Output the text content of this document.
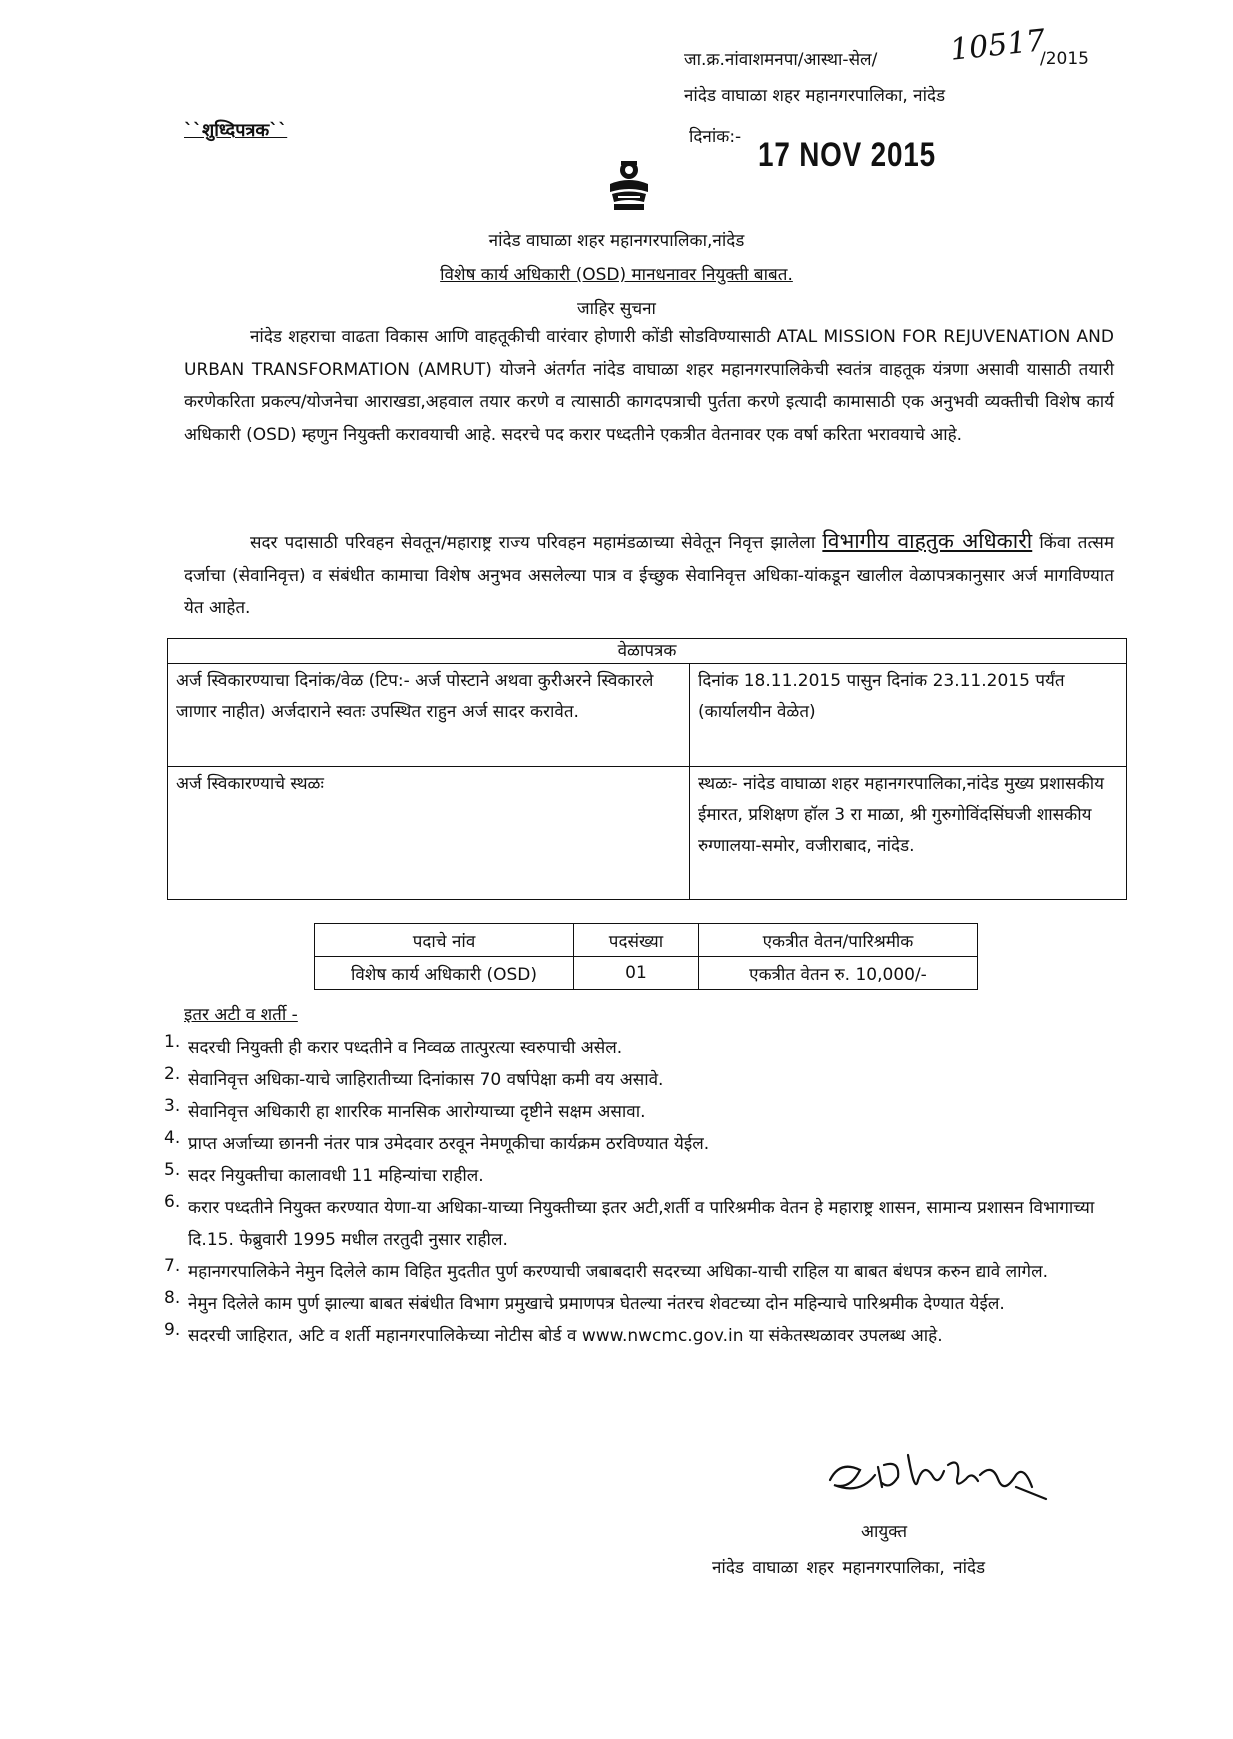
जा.क्र.नांवाशमनपा/आस्था-सेल/ 10517
/2015
नांदेड वाघाळा शहर महानगरपालिका, नांदेड
``शुध्दिपत्रक``	दिनांक:- 17 NOV 2015
नांदेड वाघाळा शहर महानगरपालिका,नांदेड
विशेष कार्य अधिकारी (OSD) मानधनावर नियुक्ती बाबत.
जाहिर सुचना

नांदेड शहराचा वाढता विकास आणि वाहतूकीची वारंवार होणारी कोंडी सोडविण्यासाठी ATAL MISSION FOR REJUVENATION AND URBAN TRANSFORMATION (AMRUT) योजने अंतर्गत नांदेड वाघाळा शहर महानगरपालिकेची स्वतंत्र वाहतूक यंत्रणा असावी यासाठी तयारी करणेकरिता प्रकल्प/योजनेचा आराखडा,अहवाल तयार करणे व त्यासाठी कागदपत्राची पुर्तता करणे इत्यादी कामासाठी एक अनुभवी व्यक्तीची विशेष कार्य अधिकारी (OSD) म्हणुन नियुक्ती करावयाची आहे. सदरचे पद करार पध्दतीने एकत्रीत वेतनावर एक वर्षा करिता भरावयाचे आहे.

सदर पदासाठी परिवहन सेवतून/महाराष्ट्र राज्य परिवहन महामंडळाच्या सेवेतून निवृत्त झालेला विभागीय वाहतुक अधिकारी किंवा तत्सम दर्जाचा (सेवानिवृत्त) व संबंधीत कामाचा विशेष अनुभव असलेल्या पात्र व ईच्छुक सेवानिवृत्त अधिका-यांकडून खालील वेळापत्रकानुसार अर्ज मागविण्यात येत आहेत.

वेळापत्रक	
अर्ज स्विकारण्याचा दिनांक/वेळ (टिप:- अर्ज पोस्टाने अथवा कुरीअरने स्विकारले जाणार नाहीत) अर्जदाराने स्वतः उपस्थित राहुन अर्ज सादर करावेत.	दिनांक 18.11.2015 पासुन दिनांक 23.11.2015 पर्यंत (कार्यालयीन वेळेत)
अर्ज स्विकारण्याचे स्थळः	स्थळः- नांदेड वाघाळा शहर महानगरपालिका,नांदेड मुख्य प्रशासकीय ईमारत, प्रशिक्षण हॉल 3 रा माळा, श्री गुरुगोविंदसिंघजी शासकीय रुग्णालया-समोर, वजीराबाद, नांदेड.
पदाचे नांव	पदसंख्या	एकत्रीत वेतन/पारिश्रमीक
विशेष कार्य अधिकारी (OSD)	01	एकत्रीत वेतन रु. 10,000/-
इतर अटी व शर्ती -
1. सदरची नियुक्ती ही करार पध्दतीने व निव्वळ तात्पुरत्या स्वरुपाची असेल.
2. सेवानिवृत्त अधिका-याचे जाहिरातीच्या दिनांकास 70 वर्षापेक्षा कमी वय असावे.
3. सेवानिवृत्त अधिकारी हा शाररिक मानसिक आरोग्याच्या दृष्टीने सक्षम असावा.
4. प्राप्त अर्जाच्या छाननी नंतर पात्र उमेदवार ठरवून नेमणूकीचा कार्यक्रम ठरविण्यात येईल.
5. सदर नियुक्तीचा कालावधी 11 महिन्यांचा राहील.
6. करार पध्दतीने नियुक्त करण्यात येणा-या अधिका-याच्या नियुक्तीच्या इतर अटी,शर्ती व पारिश्रमीक वेतन हे महाराष्ट्र शासन, सामान्य प्रशासन विभागाच्या दि.15. फेब्रुवारी 1995 मधील तरतुदी नुसार राहील.
7. महानगरपालिकेने नेमुन दिलेले काम विहित मुदतीत पुर्ण करण्याची जबाबदारी सदरच्या अधिका-याची राहिल या बाबत बंधपत्र करुन द्यावे लागेल.
8. नेमुन दिलेले काम पुर्ण झाल्या बाबत संबंधीत विभाग प्रमुखाचे प्रमाणपत्र घेतल्या नंतरच शेवटच्या दोन महिन्याचे पारिश्रमीक देण्यात येईल.
9. सदरची जाहिरात, अटि व शर्ती महानगरपालिकेच्या नोटीस बोर्ड व www.nwcmc.gov.in या संकेतस्थळावर उपलब्ध आहे.
आयुक्त
नांदेड वाघाळा शहर महानगरपालिका, नांदेड
